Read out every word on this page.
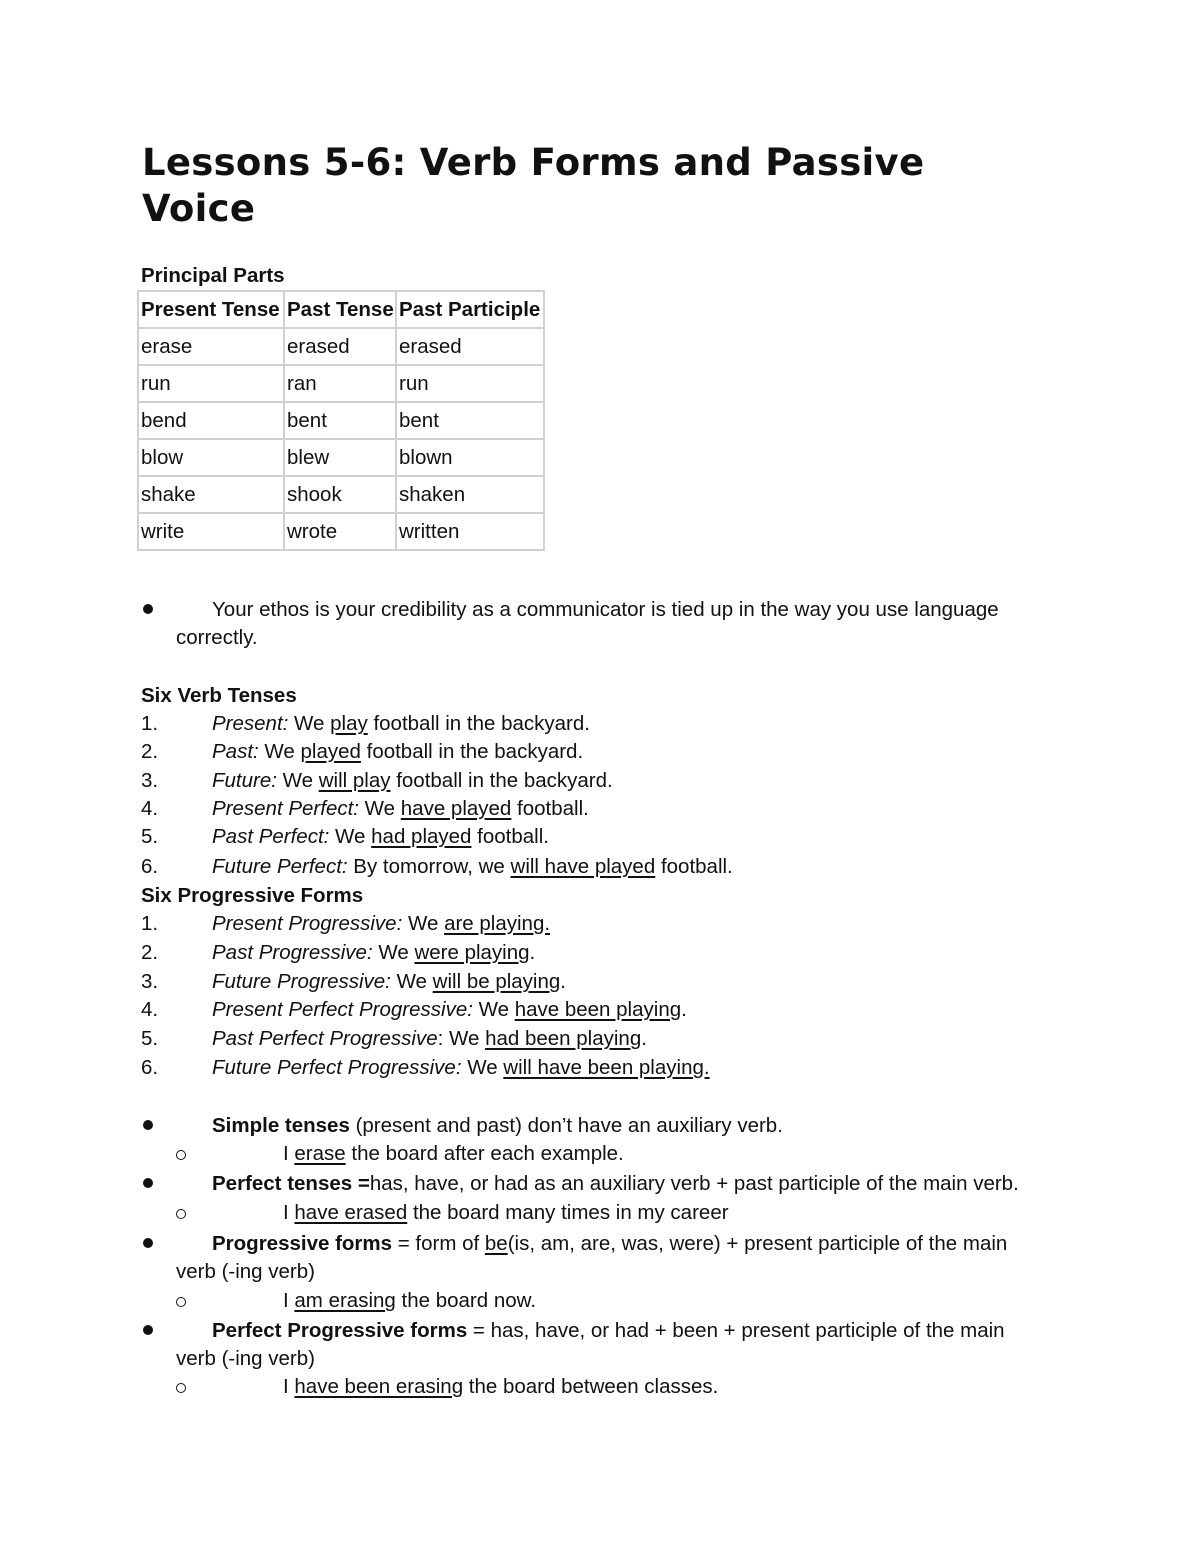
Lessons 5-6: Verb Forms and Passive Voice
Principal Parts
Present Tense	Past Tense	Past Participle
erase	erased	erased
run	ran	run
bend	bent	bent
blow	blew	blown
shake	shook	shaken
write	wrote	written
Your ethos is your credibility as a communicator is tied up in the way you use language
correctly.
Six Verb Tenses
1.	Present: We play football in the backyard.
2.	Past: We played football in the backyard.
3.	Future: We will play football in the backyard.
4.	Present Perfect: We have played football.
5.	Past Perfect: We had played football.
6.	Future Perfect: By tomorrow, we will have played football.
Six Progressive Forms
1.	Present Progressive: We are playing.
2.	Past Progressive: We were playing.
3.	Future Progressive: We will be playing.
4.	Present Perfect Progressive: We have been playing.
5.	Past Perfect Progressive: We had been playing.
6.	Future Perfect Progressive: We will have been playing.
Simple tenses (present and past) don’t have an auxiliary verb.
I erase the board after each example.
Perfect tenses =has, have, or had as an auxiliary verb + past participle of the main verb.
I have erased the board many times in my career
Progressive forms = form of be(is, am, are, was, were) + present participle of the main
verb (-ing verb)
I am erasing the board now.
Perfect Progressive forms = has, have, or had + been + present participle of the main
verb (-ing verb)
I have been erasing the board between classes.
